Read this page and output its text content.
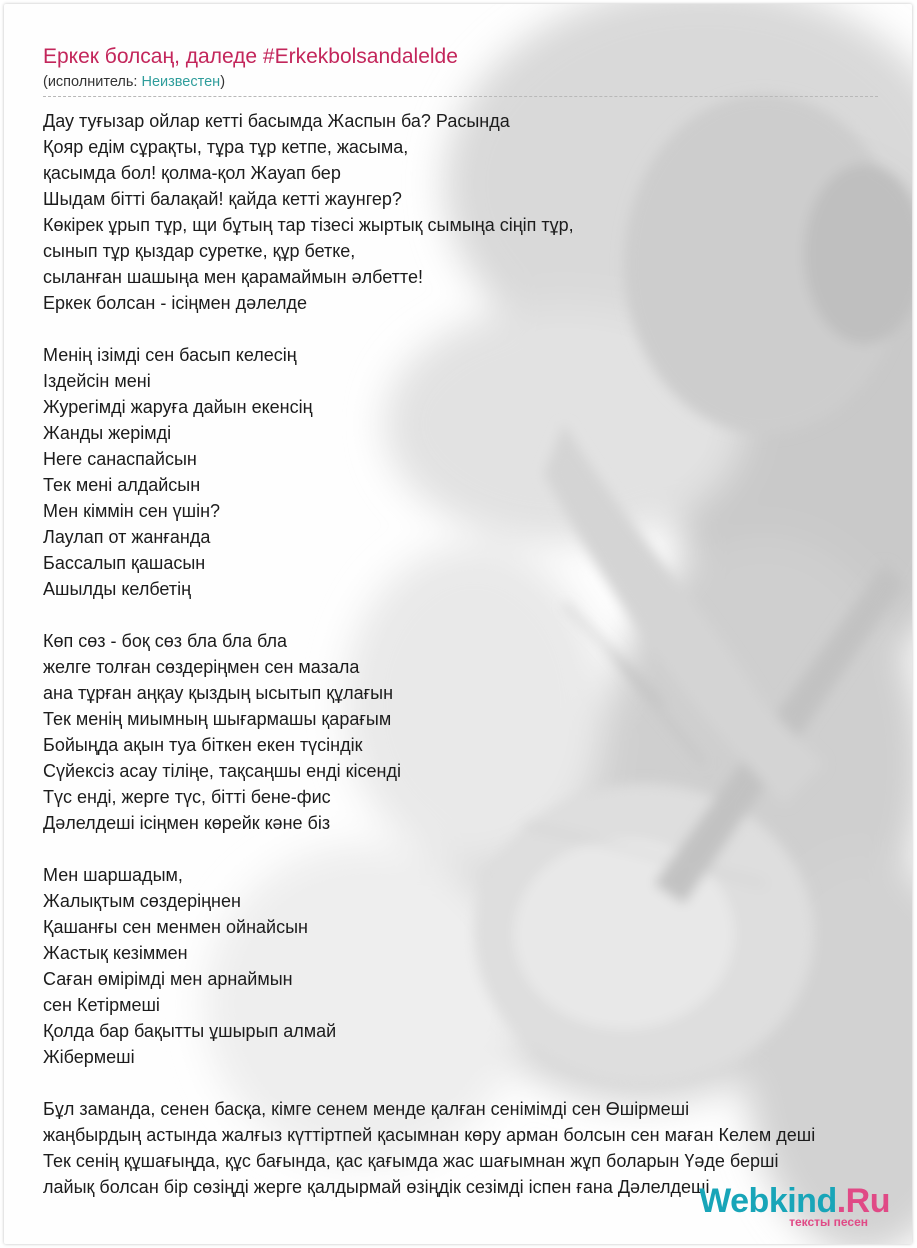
Еркек болсаң, даледе #Erkekbolsandalelde
(исполнитель: Неизвестен)
Дау туғызар ойлар кетті басымда Жаспын ба? Расында
Қояр едім сұрақты, тұра тұр кетпе, жасыма,
қасымда бол! қолма-қол Жауап бер
Шыдам бітті балақай! қайда кетті жаунгер?
Көкірек ұрып тұр, щи бұтың тар тізесі жыртық сымыңа сіңіп тұр,
сынып тұр қыздар суретке, құр бетке,
сыланған шашыңа мен қарамаймын әлбетте!
Еркек болсан - ісіңмен дәлелде
Менің ізімді сен басып келесің
Іздейсін мені
Журегімді жаруға дайын екенсің
Жанды жерімді
Неге санаспайсын
Тек мені алдайсын
Мен кіммін сен үшін?
Лаулап от жанғанда
Бассалып қашасын
Ашылды келбетің
Көп сөз - боқ сөз бла бла бла
желге толған сөздеріңмен сен мазала
ана тұрған аңқау қыздың ысытып құлағын
Тек менің миымның шығармашы қарағым
Бойыңда ақын туа біткен екен түсіндік
Сүйексіз асау тіліңе, тақсаңшы енді кісенді
Түс енді, жерге түс, бітті бене-фис
Дәлелдеші ісіңмен көрейк кәне біз
Мен шаршадым,
Жалықтым сөздеріңнен
Қашанғы сен менмен ойнайсын
Жастық кезіммен
Саған өмірімді мен арнаймын
сен Кетірмеші
Қолда бар бақытты ұшырып алмай
Жібермеші
Бұл заманда, сенен басқа, кімге сенем менде қалған сенімімді сен Өшірмеші
жаңбырдың астында жалғыз күттіртпей қасымнан көру арман болсын сен маған Келем деші
Тек сенің құшағыңда, құс бағында, қас қағымда жас шағымнан жұп боларын Үәде берші
лайық болсан бір сөзіңді жерге қалдырмай өзіңдік сезімді іспен ғана Дәлелдеші
Webkind.Ru
тексты песен
